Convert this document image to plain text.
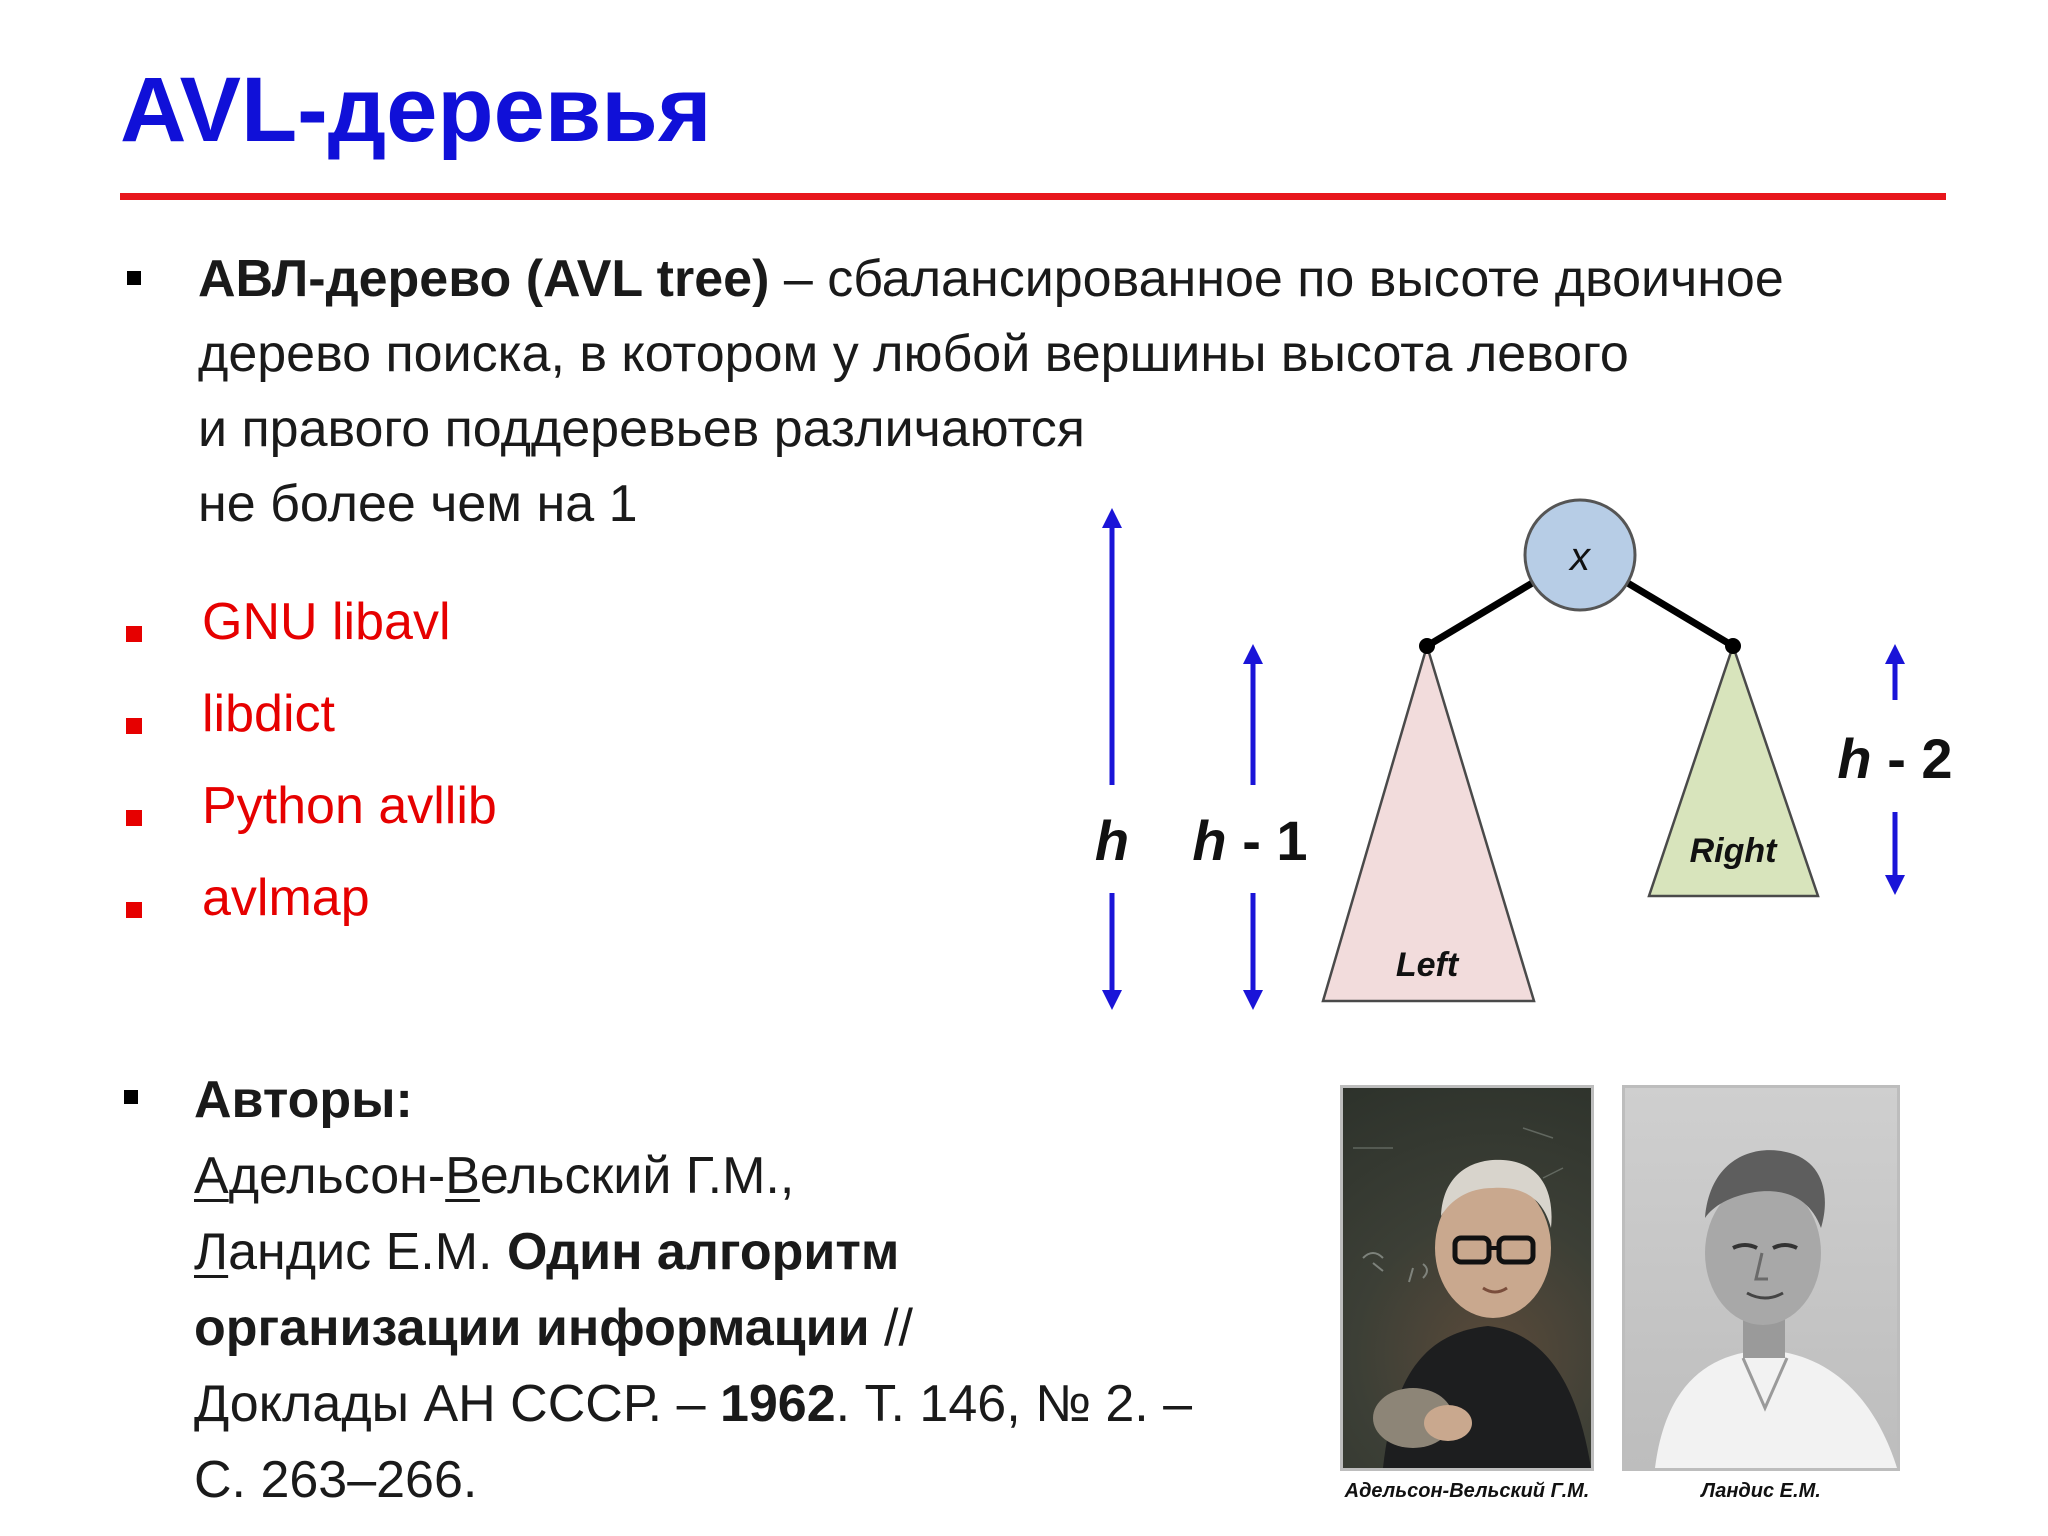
AVL-деревья
АВЛ-дерево (AVL tree) – сбалансированное по высоте двоичное
дерево поиска, в котором у любой вершины высота левого
и правого поддеревьев различаются
не более чем на 1
GNU libavl
libdict
Python avllib
avlmap
h h - 1
h - 2
Left
Right
x
Авторы:
Адельсон-Вельский Г.М.,
Ландис Е.М. Один алгоритм
организации информации //
Доклады АН СССР. – 1962. Т. 146, № 2. –
С. 263–266.	Адельсон-Вельский Г.М.	Ландис Е.М.
